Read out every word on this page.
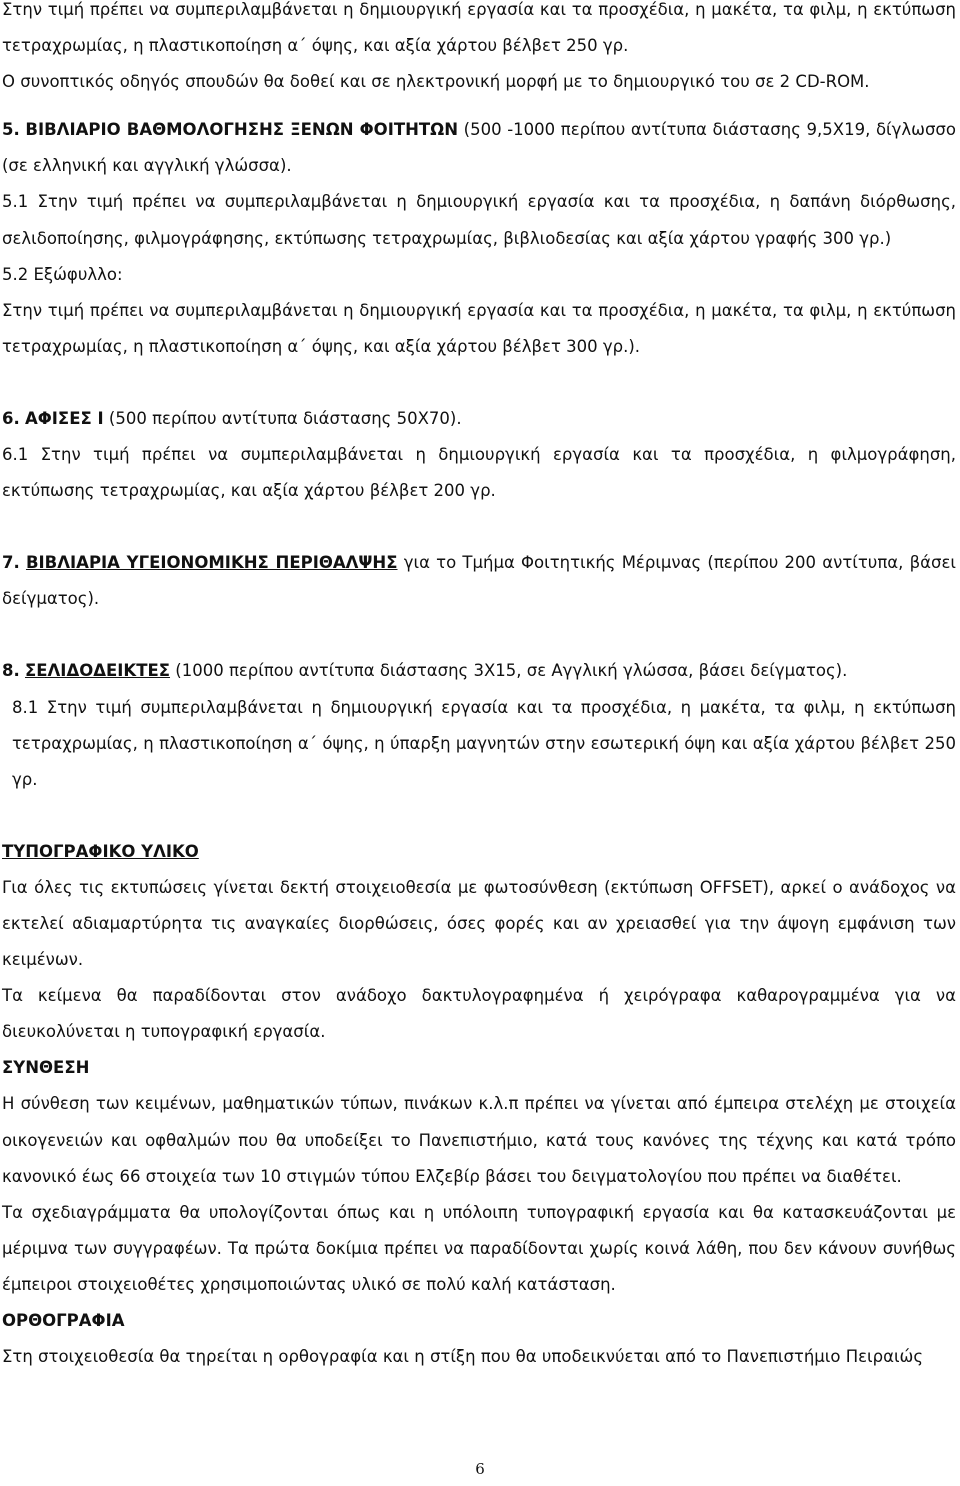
Στην τιμή πρέπει να συμπεριλαμβάνεται η δημιουργική εργασία και τα προσχέδια, η μακέτα, τα φιλμ, η εκτύπωση τετραχρωμίας, η πλαστικοποίηση α΄ όψης, και αξία χάρτου βέλβετ 250 γρ.

Ο συνοπτικός οδηγός σπουδών θα δοθεί και σε ηλεκτρονική μορφή με το δημιουργικό του σε 2 CD-ROM.

5. ΒΙΒΛΙΑΡΙΟ ΒΑΘΜΟΛΟΓΗΣΗΣ ΞΕΝΩΝ ΦΟΙΤΗΤΩΝ (500 -1000 περίπου αντίτυπα διάστασης 9,5Χ19, δίγλωσσο (σε ελληνική και αγγλική γλώσσα).

5.1 Στην τιμή πρέπει να συμπεριλαμβάνεται η δημιουργική εργασία και τα προσχέδια, η δαπάνη διόρθωσης, σελιδοποίησης, φιλμογράφησης, εκτύπωσης τετραχρωμίας, βιβλιοδεσίας και αξία χάρτου γραφής 300 γρ.)

5.2 Εξώφυλλο:

Στην τιμή πρέπει να συμπεριλαμβάνεται η δημιουργική εργασία και τα προσχέδια, η μακέτα, τα φιλμ, η εκτύπωση τετραχρωμίας, η πλαστικοποίηση α΄ όψης, και αξία χάρτου βέλβετ 300 γρ.).

6. ΑΦΙΣΕΣ Ι (500 περίπου αντίτυπα διάστασης 50Χ70).

6.1 Στην τιμή πρέπει να συμπεριλαμβάνεται η δημιουργική εργασία και τα προσχέδια, η φιλμογράφηση, εκτύπωσης τετραχρωμίας, και αξία χάρτου βέλβετ 200 γρ.

7. ΒΙΒΛΙΑΡΙΑ ΥΓΕΙΟΝΟΜΙΚΗΣ ΠΕΡΙΘΑΛΨΗΣ για το Τμήμα Φοιτητικής Μέριμνας (περίπου 200 αντίτυπα, βάσει δείγματος).

8. ΣΕΛΙΔΟΔΕΙΚΤΕΣ (1000 περίπου αντίτυπα διάστασης 3Χ15, σε Αγγλική γλώσσα, βάσει δείγματος).

8.1 Στην τιμή συμπεριλαμβάνεται η δημιουργική εργασία και τα προσχέδια, η μακέτα, τα φιλμ, η εκτύπωση τετραχρωμίας, η πλαστικοποίηση α΄ όψης, η ύπαρξη μαγνητών στην εσωτερική όψη και αξία χάρτου βέλβετ 250 γρ.

ΤΥΠΟΓΡΑΦΙΚΟ ΥΛΙΚΟ

Για όλες τις εκτυπώσεις γίνεται δεκτή στοιχειοθεσία με φωτοσύνθεση (εκτύπωση OFFSET), αρκεί ο ανάδοχος να εκτελεί αδιαμαρτύρητα τις αναγκαίες διορθώσεις, όσες φορές και αν χρειασθεί για την άψογη εμφάνιση των κειμένων.

Τα κείμενα θα παραδίδονται στον ανάδοχο δακτυλογραφημένα ή χειρόγραφα καθαρογραμμένα για να διευκολύνεται η τυπογραφική εργασία.

ΣΥΝΘΕΣΗ

Η σύνθεση των κειμένων, μαθηματικών τύπων, πινάκων κ.λ.π πρέπει να γίνεται από έμπειρα στελέχη με στοιχεία οικογενειών και οφθαλμών που θα υποδείξει το Πανεπιστήμιο, κατά τους κανόνες της τέχνης και κατά τρόπο κανονικό έως 66 στοιχεία των 10 στιγμών τύπου Ελζεβίρ βάσει του δειγματολογίου που πρέπει να διαθέτει.

Τα σχεδιαγράμματα θα υπολογίζονται όπως και η υπόλοιπη τυπογραφική εργασία και θα κατασκευάζονται με μέριμνα των συγγραφέων. Τα πρώτα δοκίμια πρέπει να παραδίδονται χωρίς κοινά λάθη, που δεν κάνουν συνήθως έμπειροι στοιχειοθέτες χρησιμοποιώντας υλικό σε πολύ καλή κατάσταση.

ΟΡΘΟΓΡΑΦΙΑ

Στη στοιχειοθεσία θα τηρείται η ορθογραφία και η στίξη που θα υποδεικνύεται από το Πανεπιστήμιο Πειραιώς

6
